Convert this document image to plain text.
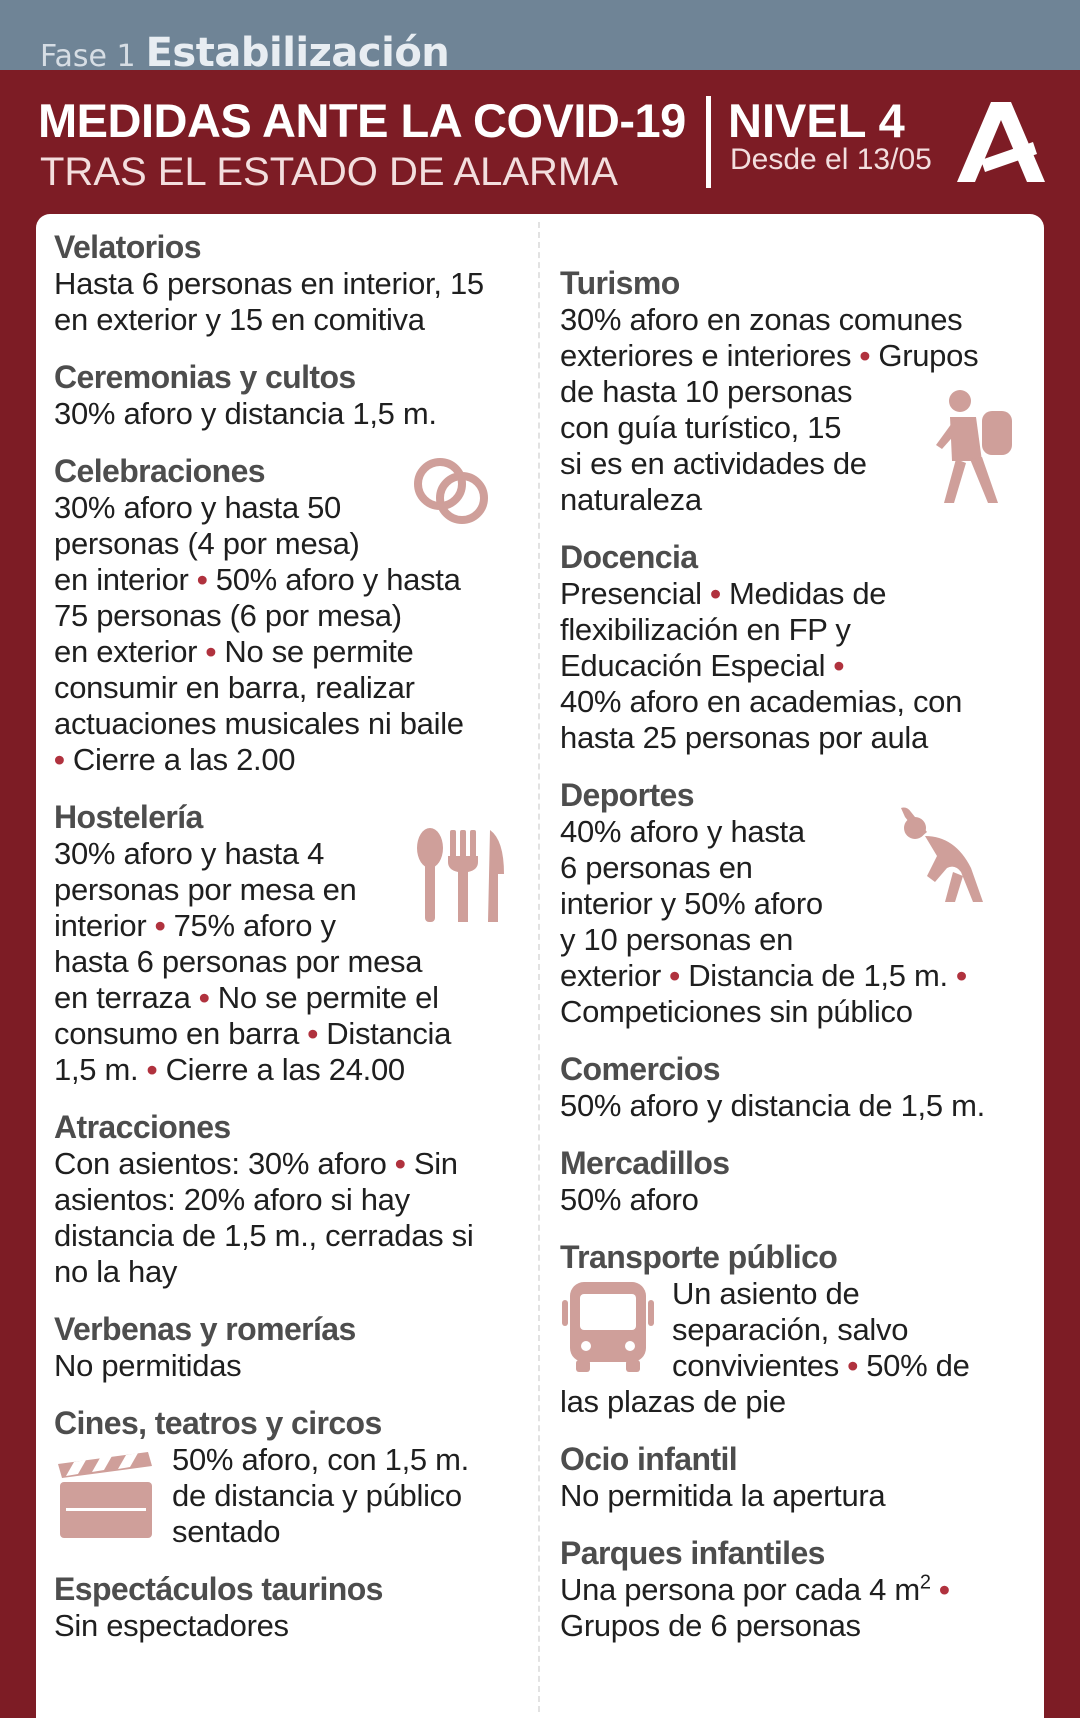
Fase 1 Estabilización
MEDIDAS ANTE LA COVID-19
TRAS EL ESTADO DE ALARMA
NIVEL 4
Desde el 13/05
Velatorios

Hasta 6 personas en interior, 15
en exterior y 15 en comitiva

Ceremonias y cultos

30% aforo y distancia 1,5 m.

Celebraciones

30% aforo y hasta 50
personas (4 por mesa)
en interior • 50% aforo y hasta
75 personas (6 por mesa)
en exterior • No se permite
consumir en barra, realizar
actuaciones musicales ni baile
• Cierre a las 2.00

Hostelería

30% aforo y hasta 4
personas por mesa en
interior • 75% aforo y
hasta 6 personas por mesa
en terraza • No se permite el
consumo en barra • Distancia
1,5 m. • Cierre a las 24.00

Atracciones

Con asientos: 30% aforo • Sin
asientos: 20% aforo si hay
distancia de 1,5 m., cerradas si
no la hay

Verbenas y romerías

No permitidas

Cines, teatros y circos

50% aforo, con 1,5 m.
de distancia y público
sentado

Espectáculos taurinos

Sin espectadores

Turismo

30% aforo en zonas comunes
exteriores e interiores • Grupos
de hasta 10 personas
con guía turístico, 15
si es en actividades de
naturaleza

Docencia

Presencial • Medidas de
flexibilización en FP y
Educación Especial •
40% aforo en academias, con
hasta 25 personas por aula

Deportes

40% aforo y hasta
6 personas en
interior y 50% aforo
y 10 personas en
exterior • Distancia de 1,5 m. •
Competiciones sin público

Comercios

50% aforo y distancia de 1,5 m.

Mercadillos

50% aforo

Transporte público

Un asiento de
separación, salvo
convivientes • 50% de
las plazas de pie

Ocio infantil

No permitida la apertura

Parques infantiles

Una persona por cada 4 $m^2$ •
Grupos de 6 personas
